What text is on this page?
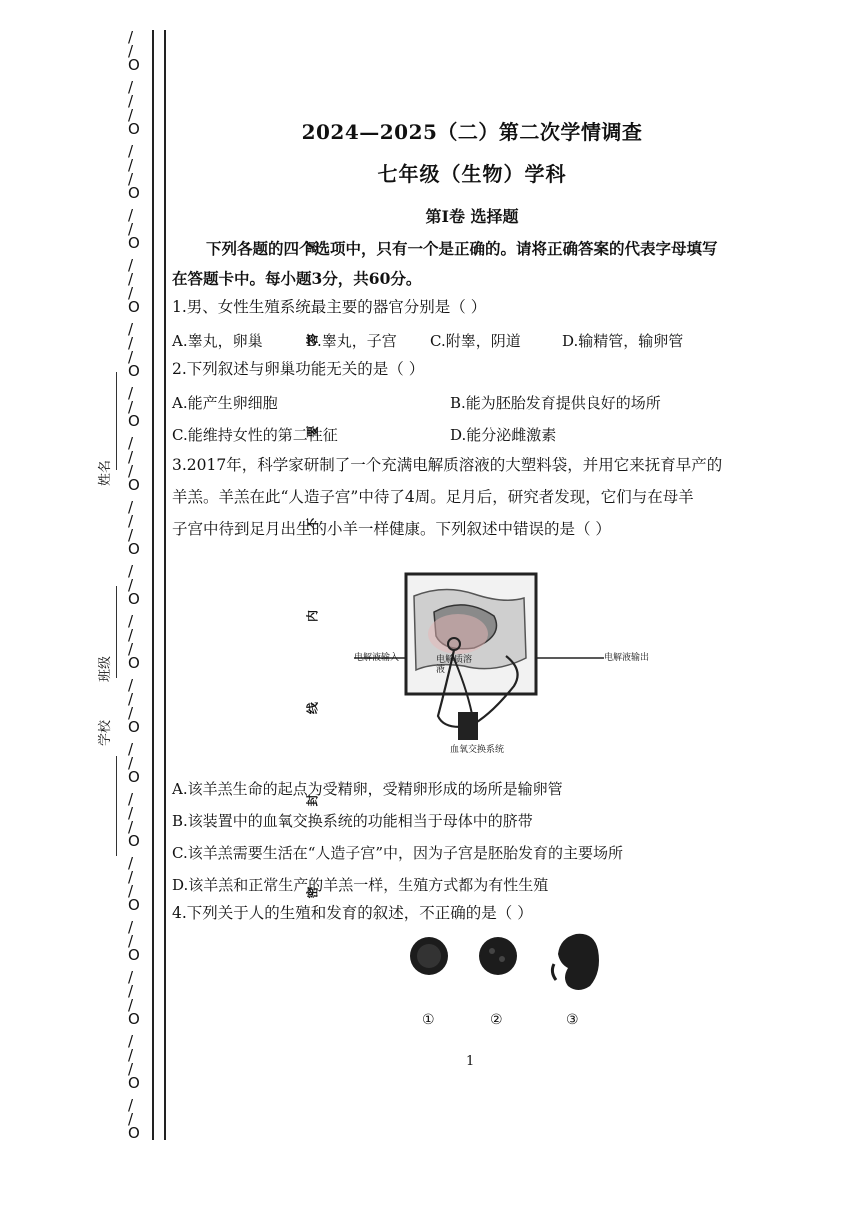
/
/
O
/
/
/
O
/
/
/
O
/
/
O
/
/
/
O
/
/
/
O
/
/
O
/
/
/
O
/
/
/
O
/
/
O
/
/
/
O
/
/
/
O
/
/
O
/
/
/
O
/
/
/
O
/
/
O
/
/
/
O
/
/
/
O
/
/
O
姓名
班级
学校	密 封 线 内 不 要 答 题
2024—2025（二）第二次学情调查
七年级（生物）学科
第Ⅰ卷 选择题
下列各题的四个选项中，只有一个是正确的。请将正确答案的代表字母填写
在答题卡中。每小题3分，共60分。
1.男、女性生殖系统最主要的器官分别是（ ）
A.睾丸，卵巢	B.睾丸，子宫 C.附睾，阴道	D.输精管，输卵管
2.下列叙述与卵巢功能无关的是（ ）
A.能产生卵细胞	B.能为胚胎发育提供良好的场所
C.能维持女性的第二性征	D.能分泌雌激素
3.2017年，科学家研制了一个充满电解质溶液的大塑料袋，并用它来抚育早产的
羊羔。羊羔在此“人造子宫”中待了4周。足月后，研究者发现，它们与在母羊
子宫中待到足月出生的小羊一样健康。下列叙述中错误的是（ ）
电解液输入	电解质溶液
电解液输出
血氧交换系统
A.该羊羔生命的起点为受精卵，受精卵形成的场所是输卵管
B.该装置中的血氧交换系统的功能相当于母体中的脐带
C.该羊羔需要生活在“人造子宫”中，因为子宫是胚胎发育的主要场所
D.该羊羔和正常生产的羊羔一样，生殖方式都为有性生殖
4.下列关于人的生殖和发育的叙述，不正确的是（ ）
①	②	③
1
